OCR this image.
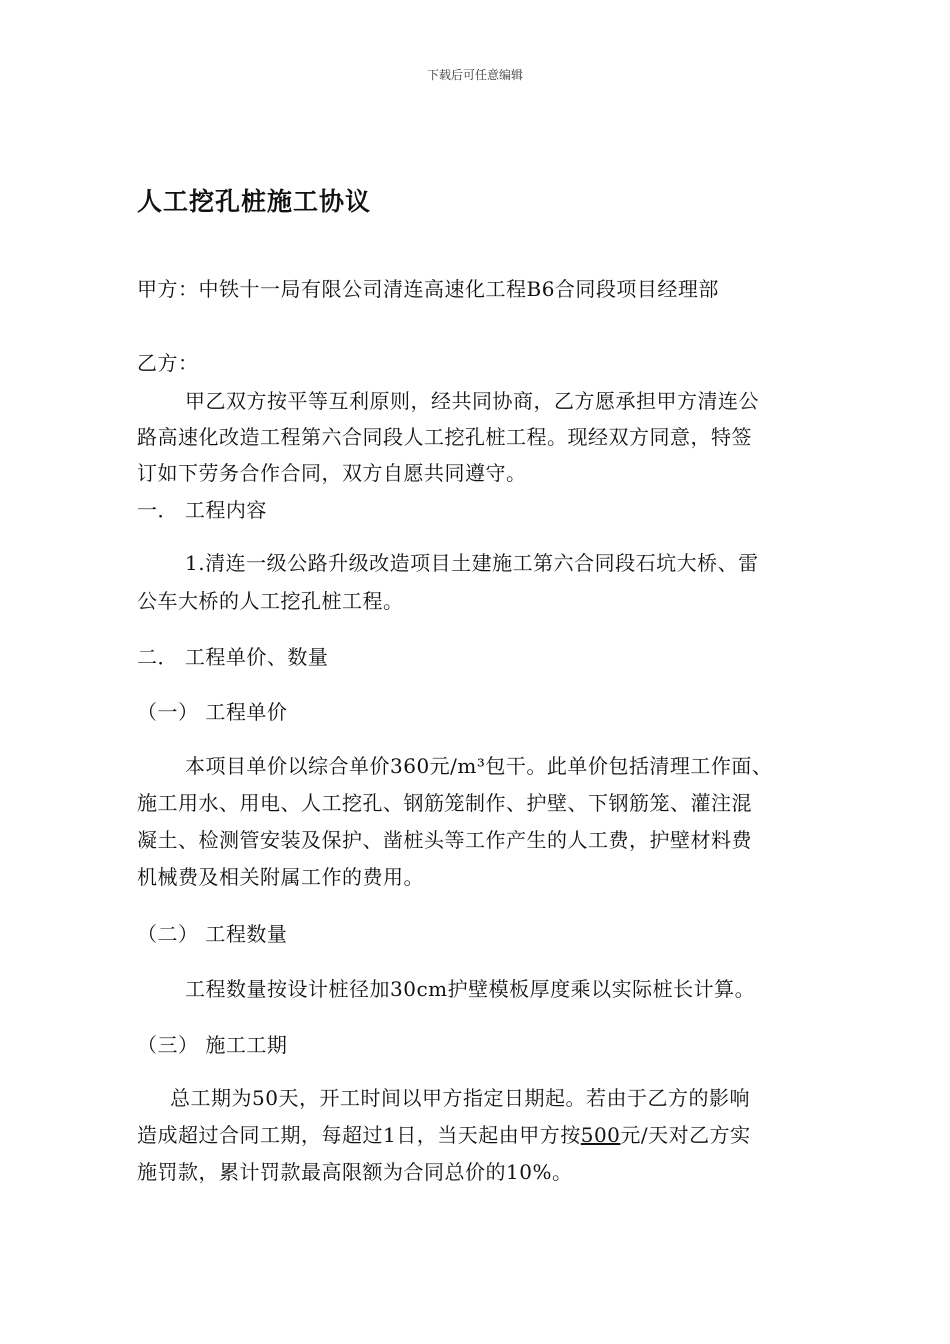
下载后可任意编辑
人工挖孔桩施工协议
甲方：中铁十一局有限公司清连高速化工程B6合同段项目经理部
乙方：
甲乙双方按平等互利原则，经共同协商，乙方愿承担甲方清连公
路高速化改造工程第六合同段人工挖孔桩工程。现经双方同意，特签
订如下劳务合作合同，双方自愿共同遵守。
一． 工程内容
1.清连一级公路升级改造项目土建施工第六合同段石坑大桥、雷
公车大桥的人工挖孔桩工程。
二． 工程单价、数量
（一） 工程单价
本项目单价以综合单价360元/m³包干。此单价包括清理工作面、
施工用水、用电、人工挖孔、钢筋笼制作、护壁、下钢筋笼、灌注混
凝土、检测管安装及保护、凿桩头等工作产生的人工费，护壁材料费
机械费及相关附属工作的费用。
（二） 工程数量
工程数量按设计桩径加30cm护壁模板厚度乘以实际桩长计算。
（三） 施工工期
总工期为50天，开工时间以甲方指定日期起。若由于乙方的影响
造成超过合同工期，每超过1日，当天起由甲方按500元/天对乙方实
施罚款，累计罚款最高限额为合同总价的10%。
